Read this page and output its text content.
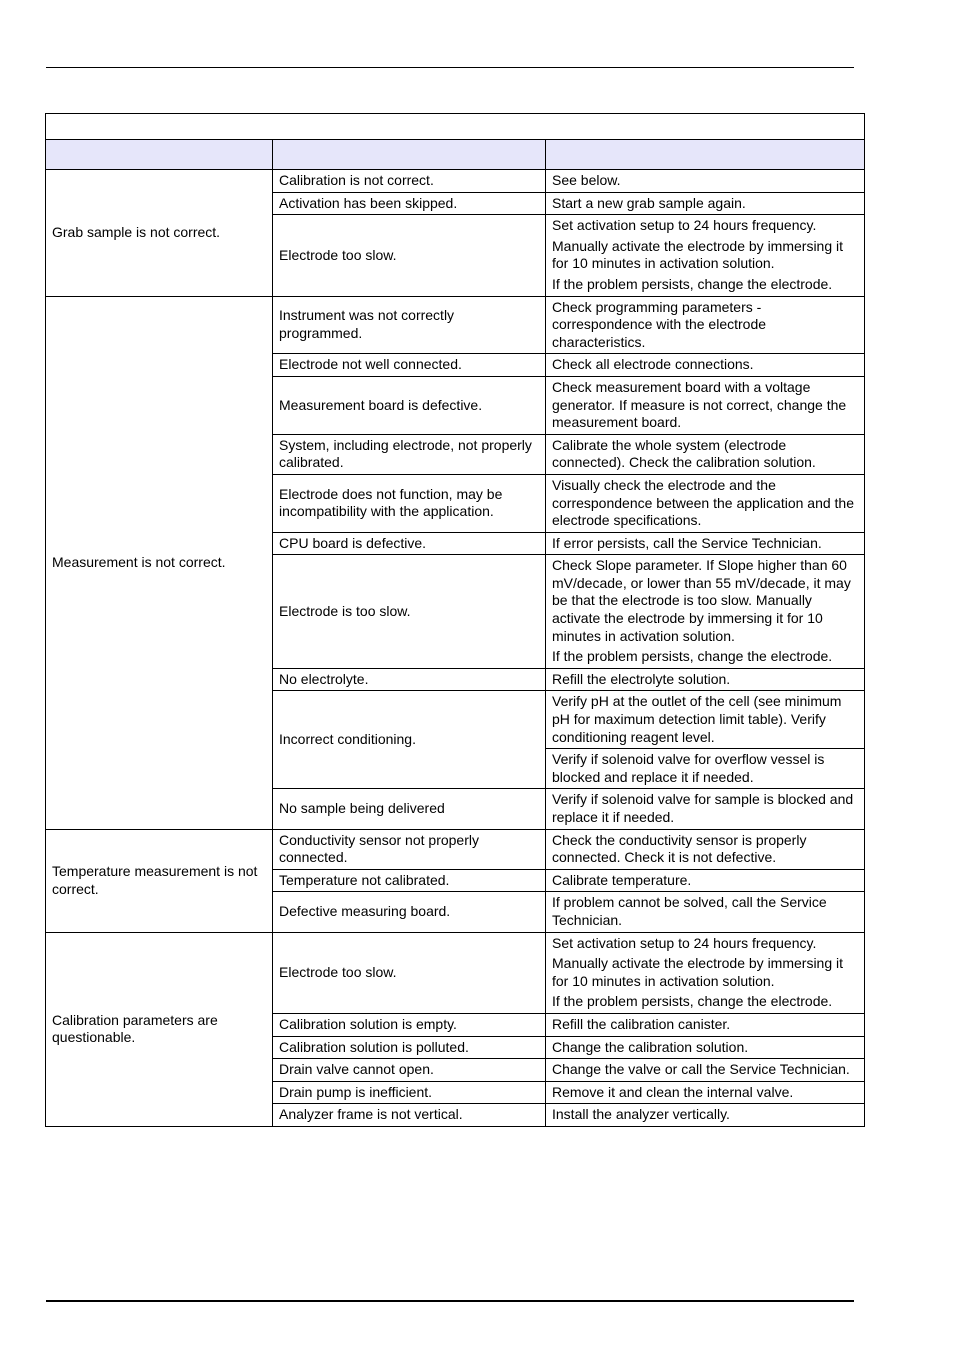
Grab sample is not correct.	Calibration is not correct.	See below.

	Activation has been skipped.	Start a new grab sample again.

	Electrode too slow.	Set activation setup to 24 hours frequency.

Manually activate the electrode by immersing it for 10 minutes in activation solution.

If the problem persists, change the electrode.

Measurement is not correct.	Instrument was not correctly programmed.	Check programming parameters - correspondence with the electrode characteristics.

	Electrode not well connected.	Check all electrode connections.

	Measurement board is defective.	Check measurement board with a voltage generator. If measure is not correct, change the measurement board.

	System, including electrode, not properly calibrated.	Calibrate the whole system (electrode connected). Check the calibration solution.

	Electrode does not function, may be incompatibility with the application.	Visually check the electrode and the correspondence between the application and the electrode specifications.

	CPU board is defective.	If error persists, call the Service Technician.

	Electrode is too slow.	Check Slope parameter. If Slope higher than 60 mV/decade, or lower than 55 mV/decade, it may be that the electrode is too slow. Manually activate the electrode by immersing it for 10 minutes in activation solution.

If the problem persists, change the electrode.

	No electrolyte.	Refill the electrolyte solution.

	Incorrect conditioning.	Verify pH at the outlet of the cell (see minimum pH for maximum detection limit table). Verify conditioning reagent level.

		Verify if solenoid valve for overflow vessel is blocked and replace it if needed.

	No sample being delivered	Verify if solenoid valve for sample is blocked and replace it if needed.

Temperature measurement is not correct.	Conductivity sensor not properly connected.	Check the conductivity sensor is properly connected. Check it is not defective.

	Temperature not calibrated.	Calibrate temperature.

	Defective measuring board.	If problem cannot be solved, call the Service Technician.

Calibration parameters are questionable.	Electrode too slow.	Set activation setup to 24 hours frequency.

Manually activate the electrode by immersing it for 10 minutes in activation solution.

If the problem persists, change the electrode.

	Calibration solution is empty.	Refill the calibration canister.

	Calibration solution is polluted.	Change the calibration solution.

	Drain valve cannot open.	Change the valve or call the Service Technician.

	Drain pump is inefficient.	Remove it and clean the internal valve.

	Analyzer frame is not vertical.	Install the analyzer vertically.
